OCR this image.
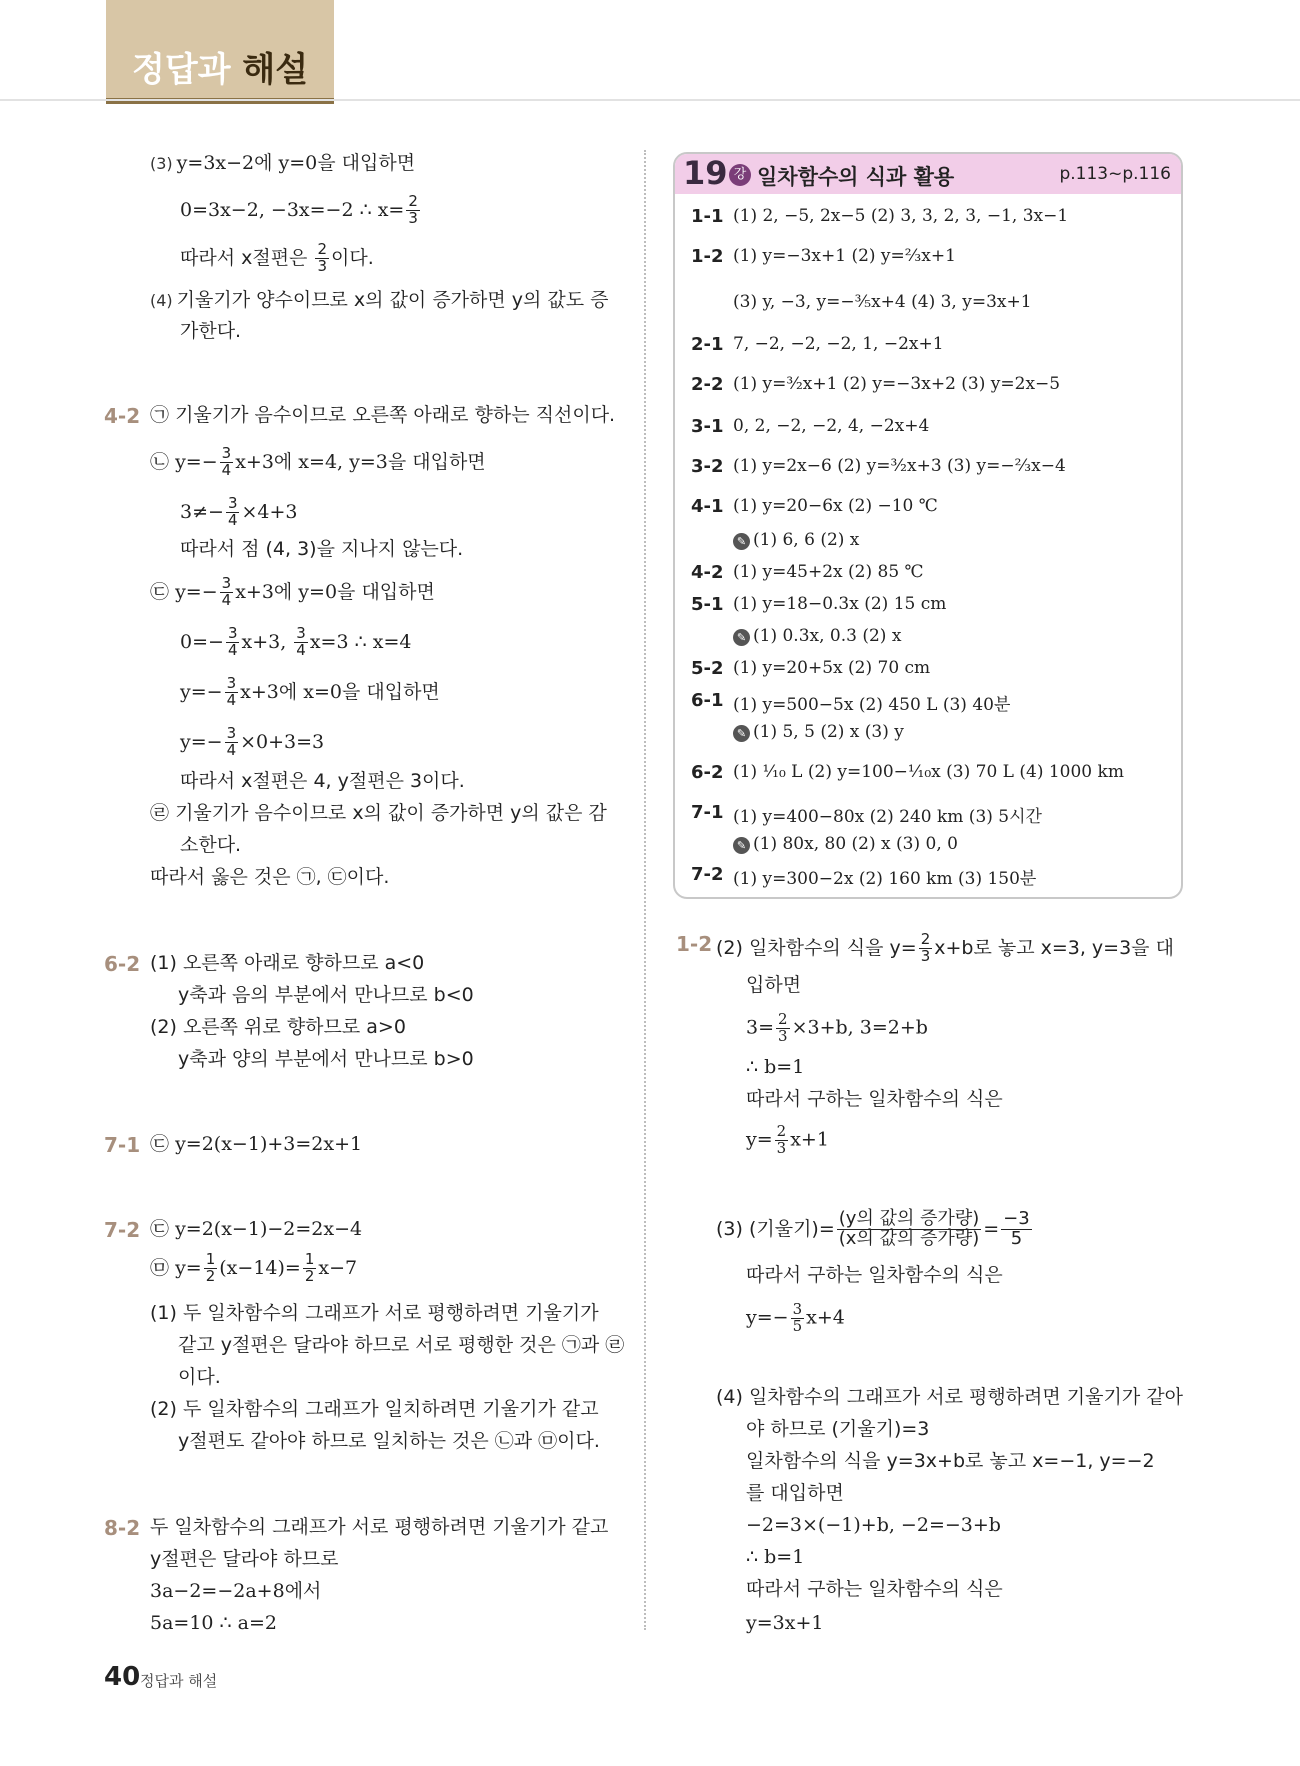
정답과 해설
(3) y=3x−2에 y=0을 대입하면
0=3x−2, −3x=−2 ∴ $x= \frac{2}{3}$
따라서 x절편은 $\frac{2}{3}$ 이다.
(4) 기울기가 양수이므로 x의 값이 증가하면 y의 값도 증
가한다.
4-2 ㉠ 기울기가 음수이므로 오른쪽 아래로 향하는 직선이다.
㉡ $y=- \frac{3}{4} x+3$에 x=4, y=3을 대입하면
$3\ne- \frac{3}{4} \times 4+3$
따라서 점 (4, 3)을 지나지 않는다.
㉢ $y=- \frac{3}{4} x+3$에 y=0을 대입하면
$0=- \frac{3}{4} x+3$, $\frac{3}{4} x=3$ ∴ x=4
$y=- \frac{3}{4} x+3$에 x=0을 대입하면
$y=- \frac{3}{4} \times 0+3=3$
따라서 x절편은 4, y절편은 3이다.
㉣ 기울기가 음수이므로 x의 값이 증가하면 y의 값은 감
소한다.
따라서 옳은 것은 ㉠, ㉢이다.
6-2 (1) 오른쪽 아래로 향하므로 a<0
y축과 음의 부분에서 만나므로 b<0
(2) 오른쪽 위로 향하므로 a>0
y축과 양의 부분에서 만나므로 b>0
7-1 ㉢ y=2(x−1)+3=2x+1
7-2 ㉢ y=2(x−1)−2=2x−4
㉤ $y= \frac{1}{2} (x-14)= \frac{1}{2} x-7$
(1) 두 일차함수의 그래프가 서로 평행하려면 기울기가
같고 y절편은 달라야 하므로 서로 평행한 것은 ㉠과 ㉣
이다.
(2) 두 일차함수의 그래프가 일치하려면 기울기가 같고
y절편도 같아야 하므로 일치하는 것은 ㉡과 ㉤이다.
8-2 두 일차함수의 그래프가 서로 평행하려면 기울기가 같고
y절편은 달라야 하므로
3a−2=−2a+8에서
5a=10 ∴ a=2
19 강 일차함수의 식과 활용	p.113~p.116
1-1 (1) 2, −5, 2x−5 (2) 3, 3, 2, 3, −1, 3x−1
1-2 (1) y=−3x+1 (2) y=⅔x+1
(3) y, −3, y=−³⁄₅x+4 (4) 3, y=3x+1
2-1 7, −2, −2, −2, 1, −2x+1
2-2 (1) y=³⁄₂x+1 (2) y=−3x+2 (3) y=2x−5
3-1 0, 2, −2, −2, 4, −2x+4
3-2 (1) y=2x−6 (2) y=³⁄₂x+3 (3) y=−⅔x−4
4-1 (1) y=20−6x (2) −10 ℃
✎ (1) 6, 6 (2) x
4-2 (1) y=45+2x (2) 85 ℃
5-1 (1) y=18−0.3x (2) 15 cm
✎ (1) 0.3x, 0.3 (2) x
5-2 (1) y=20+5x (2) 70 cm
6-1 (1) y=500−5x (2) 450 L (3) 40분
✎ (1) 5, 5 (2) x (3) y
6-2 (1) ¹⁄₁₀ L (2) y=100−¹⁄₁₀x (3) 70 L (4) 1000 km
7-1 (1) y=400−80x (2) 240 km (3) 5시간
✎ (1) 80x, 80 (2) x (3) 0, 0
7-2 (1) y=300−2x (2) 160 km (3) 150분
1-2 (2) 일차함수의 식을 $y= \frac{2}{3} x+b$로 놓고 x=3, y=3을 대
입하면
$3= \frac{2}{3} \times 3+b$, 3=2+b
∴ b=1
따라서 구하는 일차함수의 식은
$y= \frac{2}{3} x+1$
(3) (기울기)= $\frac{\text{(y의 값의 증가량)}}{\text{(x의 값의 증가량)}} = \frac{-3}{5}$
따라서 구하는 일차함수의 식은
$y=- \frac{3}{5} x+4$
(4) 일차함수의 그래프가 서로 평행하려면 기울기가 같아
야 하므로 (기울기)=3
일차함수의 식을 y=3x+b로 놓고 x=−1, y=−2
를 대입하면
−2=3×(−1)+b, −2=−3+b
∴ b=1
따라서 구하는 일차함수의 식은
y=3x+1
40 정답과 해설
